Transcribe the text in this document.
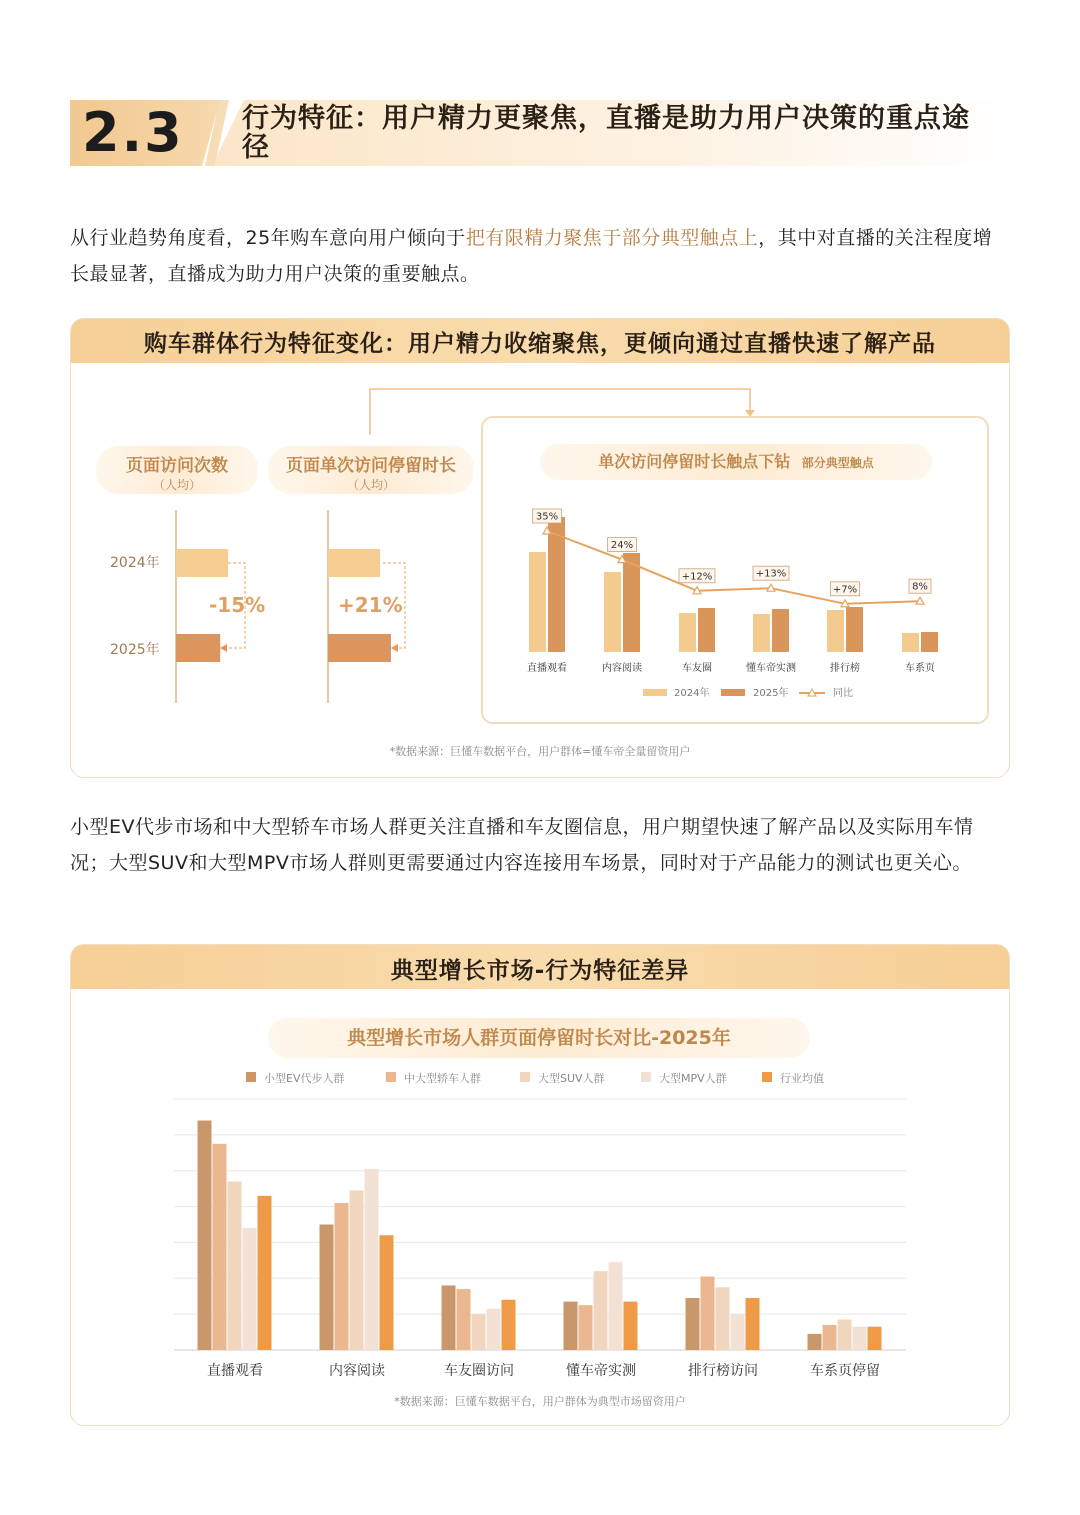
2.3 行为特征：用户精力更聚焦，直播是助力用户决策的重点途径
从行业趋势角度看，25年购车意向用户倾向于把有限精力聚焦于部分典型触点上，其中对直播的关注程度增长最显著，直播成为助力用户决策的重要触点。
购车群体行为特征变化：用户精力收缩聚焦，更倾向通过直播快速了解产品
页面访问次数
（人均）
页面单次访问停留时长
（人均）
2024年
2025年
-15%	+21%
单次访问停留时长触点下钻 部分典型触点
直播观看	内容阅读	车友圈	懂车帝实测	排行榜	车系页
35%
24%
+12%	+13%
+7%	8%
2024年	2025年	同比
*数据来源：巨懂车数据平台，用户群体=懂车帝全量留资用户
小型EV代步市场和中大型轿车市场人群更关注直播和车友圈信息，用户期望快速了解产品以及实际用车情况；大型SUV和大型MPV市场人群则更需要通过内容连接用车场景，同时对于产品能力的测试也更关心。
典型增长市场-行为特征差异
典型增长市场人群页面停留时长对比-2025年
小型EV代步人群	中大型轿车人群	大型SUV人群	大型MPV人群	行业均值
直播观看	内容阅读	车友圈访问	懂车帝实测	排行榜访问	车系页停留
*数据来源：巨懂车数据平台，用户群体为典型市场留资用户
